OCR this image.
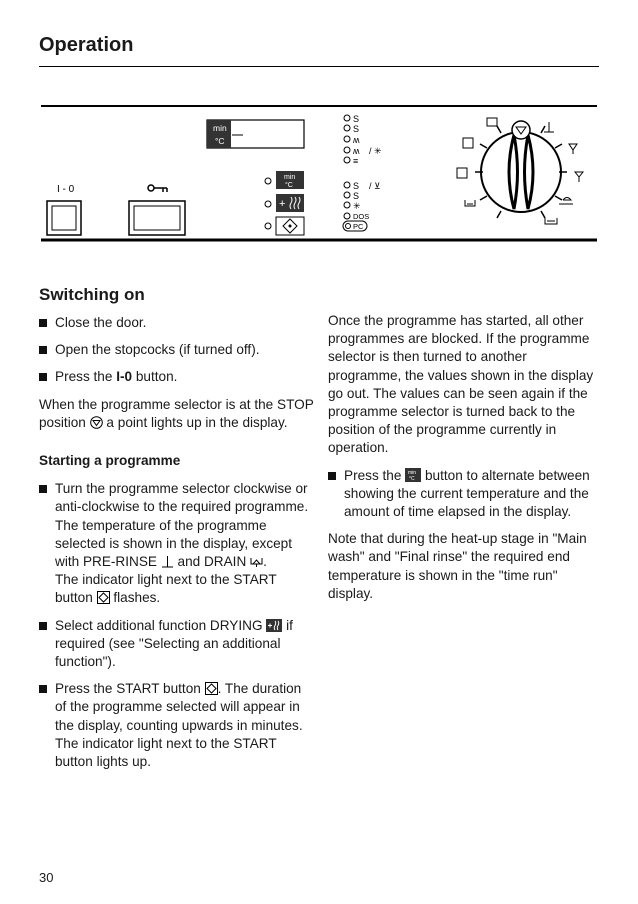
Operation
min
°C
I - 0
min
°C
+
S
S
ʍ
ʍ / ✳
≡
S / ⊻
S
✳
DOS
PC
Switching on

Close the door.

Open the stopcocks (if turned off).

Press the I-0 button.

When the programme selector is at the STOP position  a point lights up in the display.

Starting a programme

Turn the programme selector clockwise or anti-clockwise to the required programme.
The temperature of the programme selected is shown in the display, except with PRE-RINSE  and DRAIN .
The indicator light next to the START button  flashes.

Select additional function DRYING  if required (see "Selecting an additional function").

Press the START button . The duration of the programme selected will appear in the display, counting upwards in minutes.
The indicator light next to the START button lights up.

Once the programme has started, all other programmes are blocked. If the programme selector is then turned to another programme, the values shown in the display go out. The values can be seen again if the programme selector is turned back to the position of the programme currently in operation.

Press the min
°C button to alternate between showing the current temperature and the amount of time elapsed in the display.

Note that during the heat-up stage in "Main wash" and "Final rinse" the required end temperature is shown in the "time run" display.

30
